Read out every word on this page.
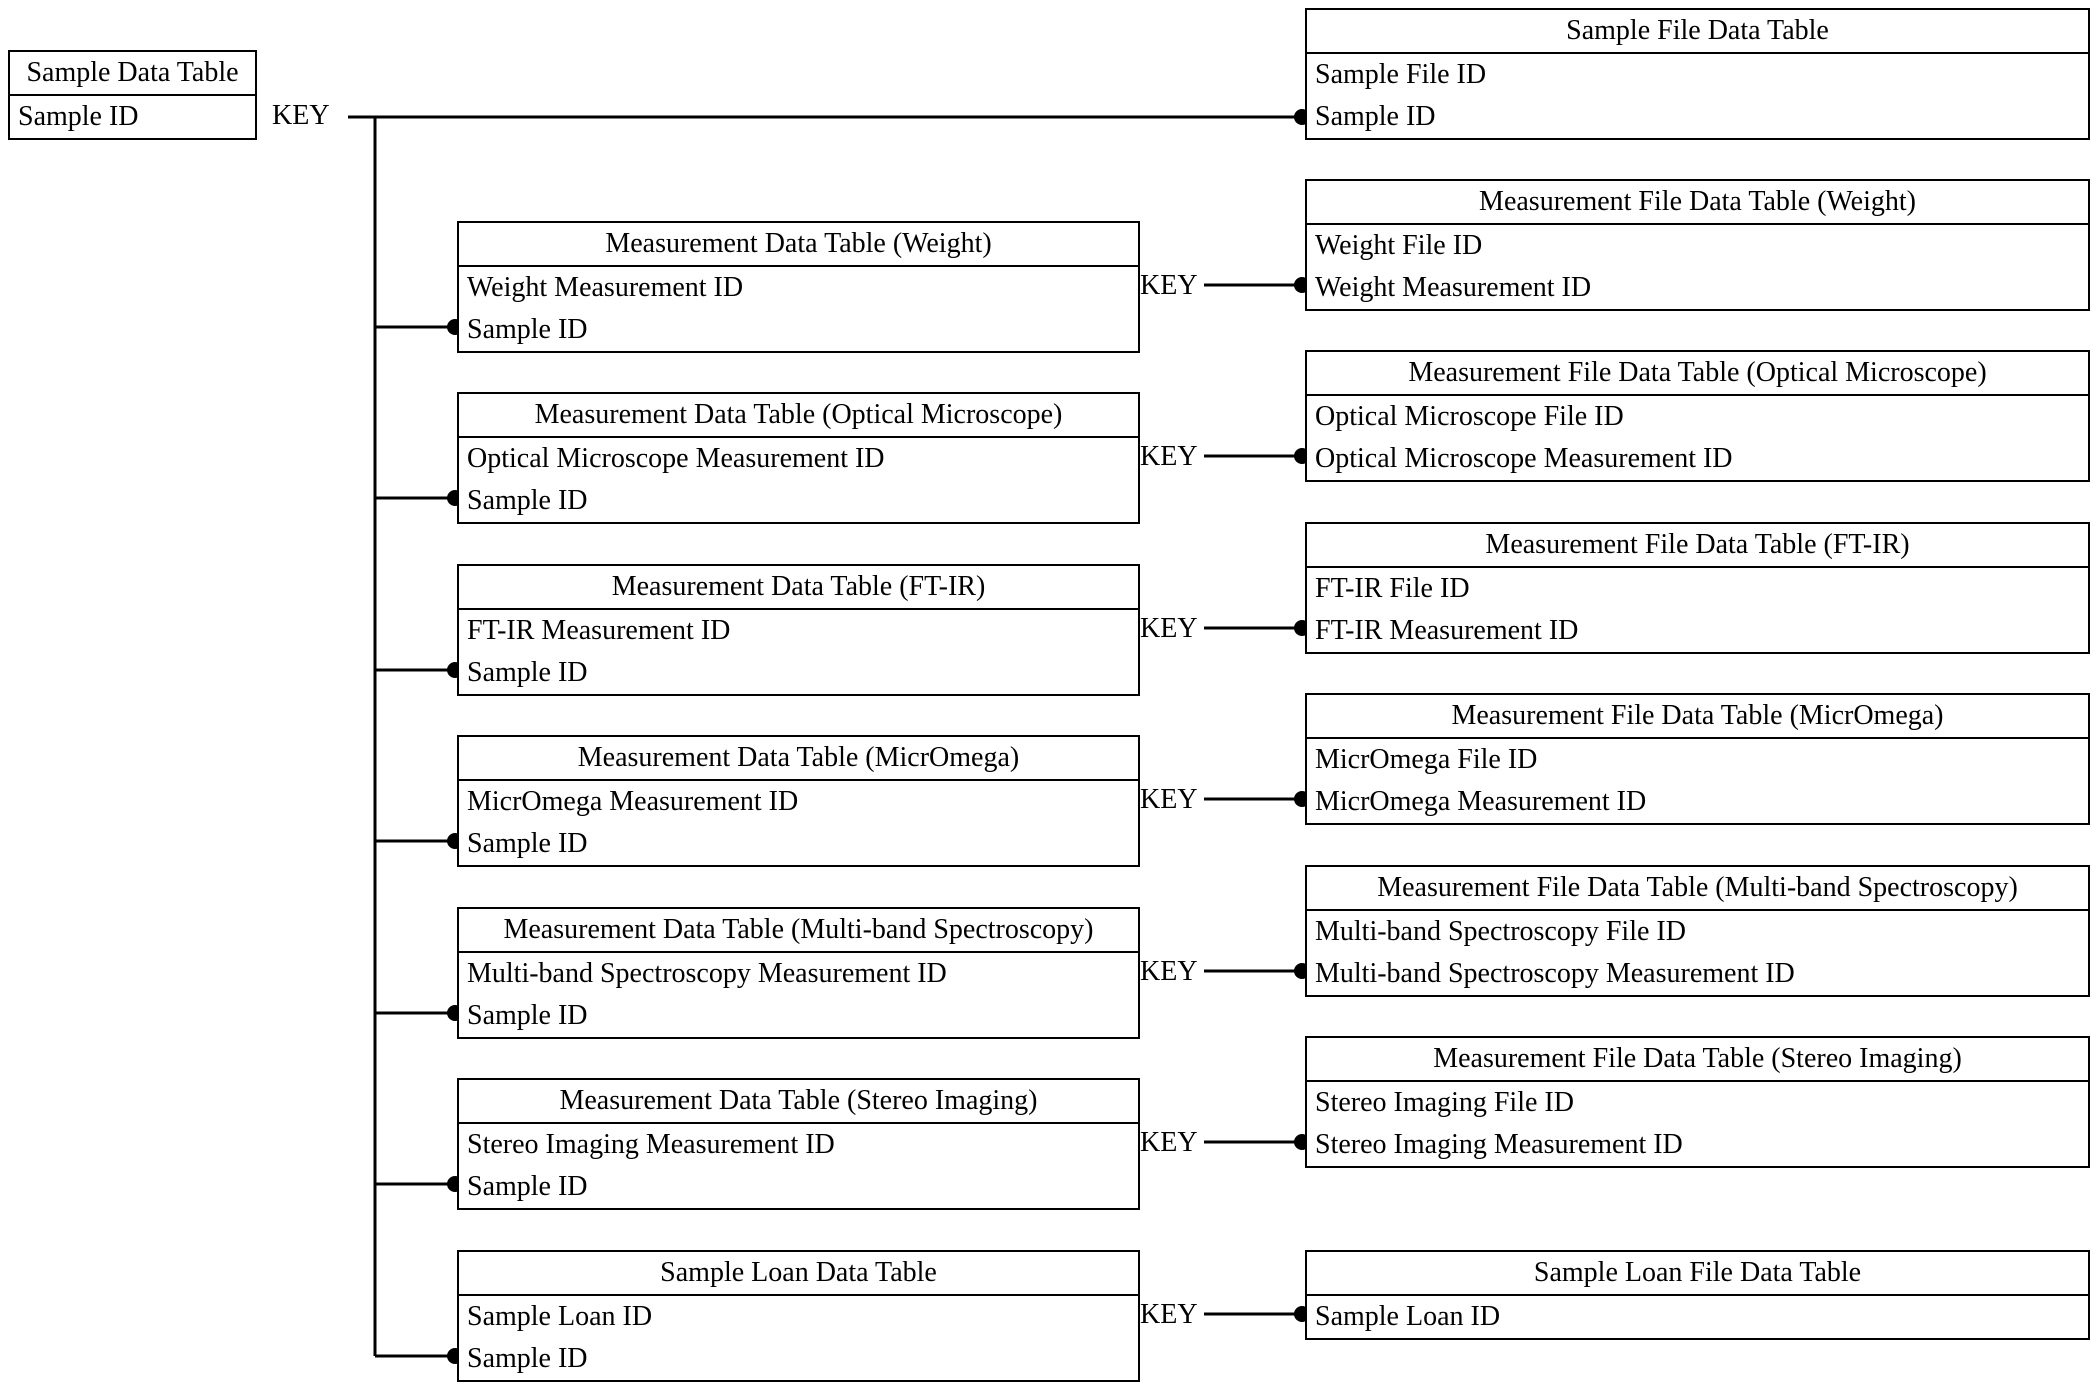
Sample Data Table
Sample ID	KEY
Sample File Data Table
Sample File ID
Sample ID
Measurement Data Table (Weight)
Weight Measurement ID
Sample ID
Measurement Data Table (Optical Microscope)
Optical Microscope Measurement ID
Sample ID
Measurement Data Table (FT-IR)
FT-IR Measurement ID
Sample ID
Measurement Data Table (MicrOmega)
MicrOmega Measurement ID
Sample ID
Measurement Data Table (Multi-band Spectroscopy)
Multi-band Spectroscopy Measurement ID
Sample ID
Measurement Data Table (Stereo Imaging)
Stereo Imaging Measurement ID
Sample ID
Sample Loan Data Table
Sample Loan ID
Sample ID
KEY
KEY
KEY
KEY
KEY
KEY
KEY
Measurement File Data Table (Weight)
Weight File ID
Weight Measurement ID
Measurement File Data Table (Optical Microscope)
Optical Microscope File ID
Optical Microscope Measurement ID
Measurement File Data Table (FT-IR)
FT-IR File ID
FT-IR Measurement ID
Measurement File Data Table (MicrOmega)
MicrOmega File ID
MicrOmega Measurement ID
Measurement File Data Table (Multi-band Spectroscopy)
Multi-band Spectroscopy File ID
Multi-band Spectroscopy Measurement ID
Measurement File Data Table (Stereo Imaging)
Stereo Imaging File ID
Stereo Imaging Measurement ID
Sample Loan File Data Table
Sample Loan ID
